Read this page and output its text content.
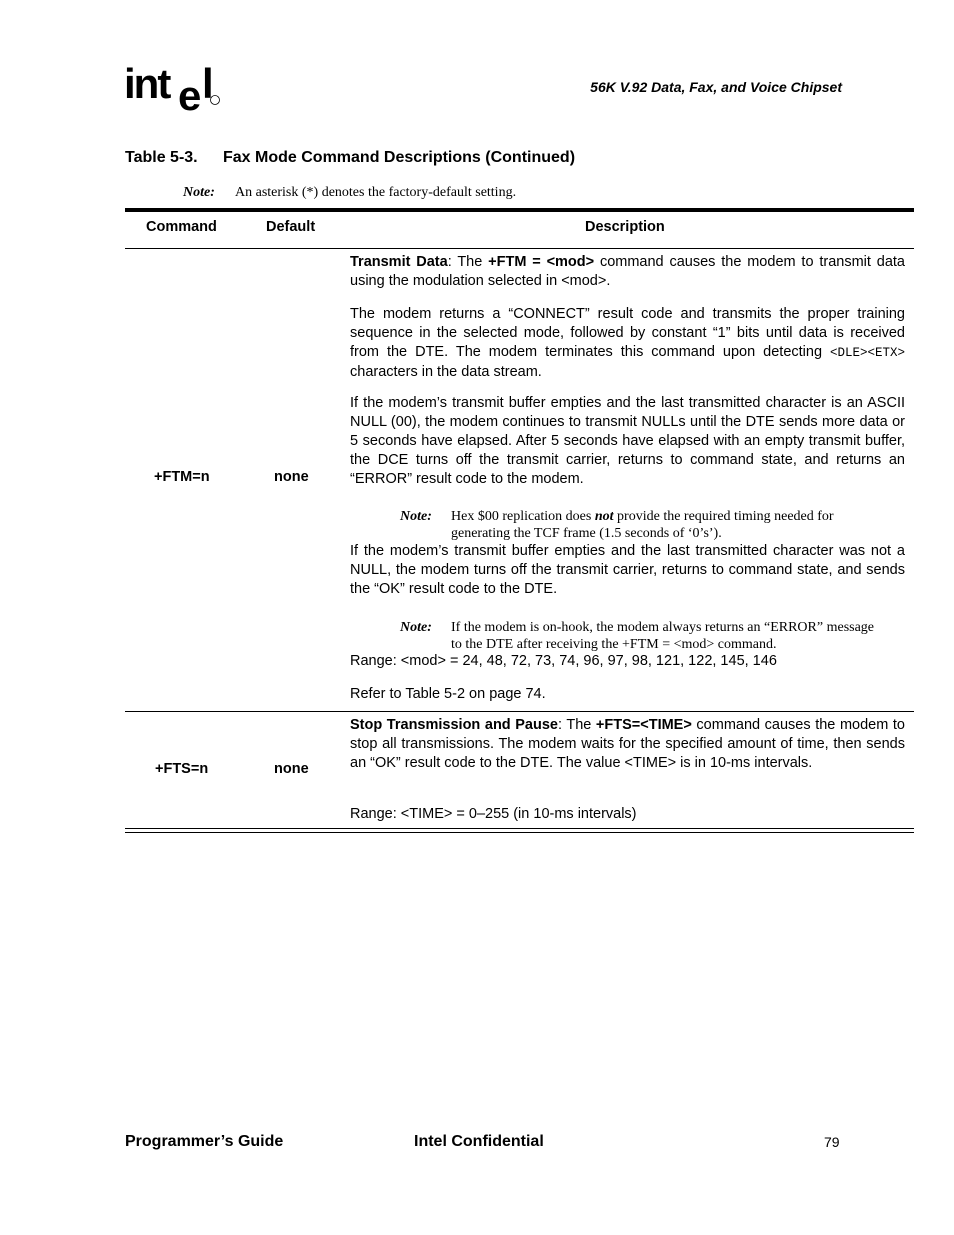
int e l	56K V.92 Data, Fax, and Voice Chipset
Table 5-3. Fax Mode Command Descriptions (Continued)
Note: An asterisk (*) denotes the factory-default setting.
Command	Default	Description
+FTM=n	none

Transmit Data: The +FTM = <mod> command causes the modem to transmit data using the modulation selected in <mod>.

The modem returns a “CONNECT” result code and transmits the proper training sequence in the selected mode, followed by constant “1” bits until data is received from the DTE. The modem terminates this command upon detecting <DLE><ETX> characters in the data stream.

If the modem’s transmit buffer empties and the last transmitted character is an ASCII NULL (00), the modem continues to transmit NULLs until the DTE sends more data or 5 seconds have elapsed. After 5 seconds have elapsed with an empty transmit buffer, the DCE turns off the transmit carrier, returns to command state, and returns an “ERROR” result code to the modem.

Note: Hex $00 replication does not provide the required timing needed for generating the TCF frame (1.5 seconds of ‘0’s’).

If the modem’s transmit buffer empties and the last transmitted character was not a NULL, the modem turns off the transmit carrier, returns to command state, and sends the “OK” result code to the DTE.

Note: If the modem is on-hook, the modem always returns an “ERROR” message to the DTE after receiving the +FTM = <mod> command.

Range: <mod> = 24, 48, 72, 73, 74, 96, 97, 98, 121, 122, 145, 146

Refer to Table 5-2 on page 74.

+FTS=n	none

Stop Transmission and Pause: The +FTS=<TIME> command causes the modem to stop all transmissions. The modem waits for the specified amount of time, then sends an “OK” result code to the DTE. The value <TIME> is in 10-ms intervals.

Range: <TIME> = 0–255 (in 10-ms intervals)

Programmer’s Guide	Intel Confidential	79
